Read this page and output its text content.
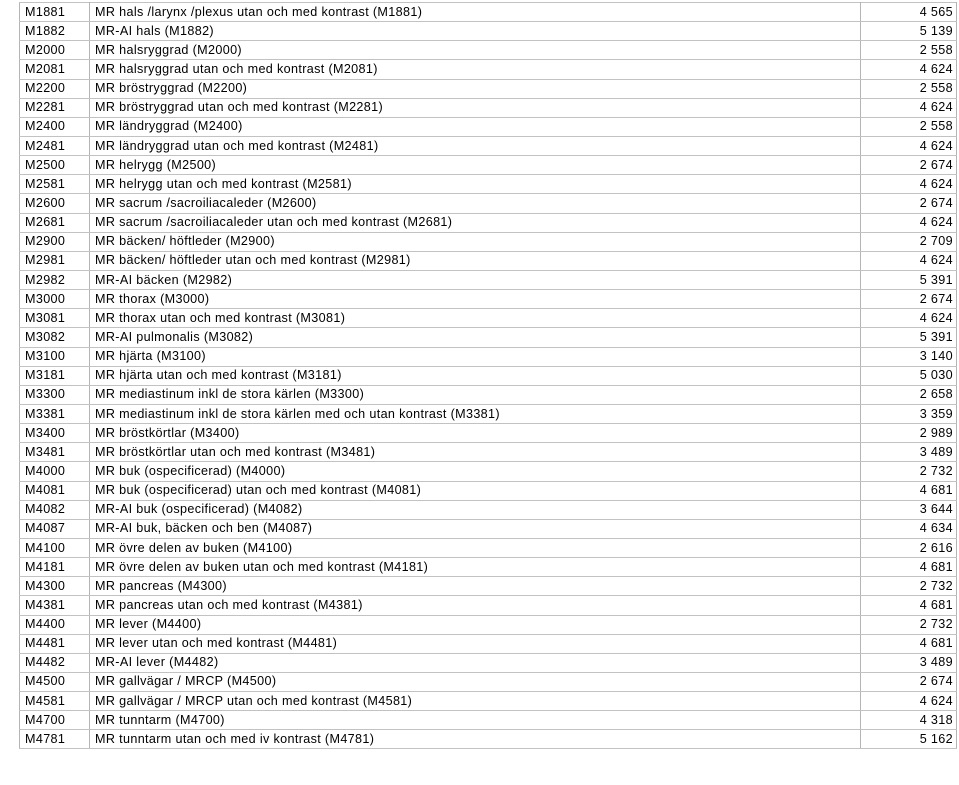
M1881	MR hals /larynx /plexus utan och med kontrast (M1881)	4 565
M1882	MR-AI hals (M1882)	5 139
M2000	MR halsryggrad (M2000)	2 558
M2081	MR halsryggrad utan och med kontrast (M2081)	4 624
M2200	MR bröstryggrad (M2200)	2 558
M2281	MR bröstryggrad utan och med kontrast (M2281)	4 624
M2400	MR ländryggrad (M2400)	2 558
M2481	MR ländryggrad utan och med kontrast (M2481)	4 624
M2500	MR helrygg (M2500)	2 674
M2581	MR helrygg utan och med kontrast (M2581)	4 624
M2600	MR sacrum /sacroiliacaleder (M2600)	2 674
M2681	MR sacrum /sacroiliacaleder utan och med kontrast (M2681)	4 624
M2900	MR bäcken/ höftleder (M2900)	2 709
M2981	MR bäcken/ höftleder utan och med kontrast (M2981)	4 624
M2982	MR-AI bäcken (M2982)	5 391
M3000	MR thorax (M3000)	2 674
M3081	MR thorax utan och med kontrast (M3081)	4 624
M3082	MR-AI pulmonalis (M3082)	5 391
M3100	MR hjärta (M3100)	3 140
M3181	MR hjärta utan och med kontrast (M3181)	5 030
M3300	MR mediastinum inkl de stora kärlen (M3300)	2 658
M3381	MR mediastinum inkl de stora kärlen med och utan kontrast (M3381)	3 359
M3400	MR bröstkörtlar (M3400)	2 989
M3481	MR bröstkörtlar utan och med kontrast (M3481)	3 489
M4000	MR buk (ospecificerad) (M4000)	2 732
M4081	MR buk (ospecificerad) utan och med kontrast (M4081)	4 681
M4082	MR-AI buk (ospecificerad) (M4082)	3 644
M4087	MR-AI buk, bäcken och ben (M4087)	4 634
M4100	MR övre delen av buken (M4100)	2 616
M4181	MR övre delen av buken utan och med kontrast (M4181)	4 681
M4300	MR pancreas (M4300)	2 732
M4381	MR pancreas utan och med kontrast (M4381)	4 681
M4400	MR lever (M4400)	2 732
M4481	MR lever utan och med kontrast (M4481)	4 681
M4482	MR-AI lever (M4482)	3 489
M4500	MR gallvägar / MRCP (M4500)	2 674
M4581	MR gallvägar / MRCP utan och med kontrast (M4581)	4 624
M4700	MR tunntarm (M4700)	4 318
M4781	MR tunntarm utan och med iv kontrast (M4781)	5 162
